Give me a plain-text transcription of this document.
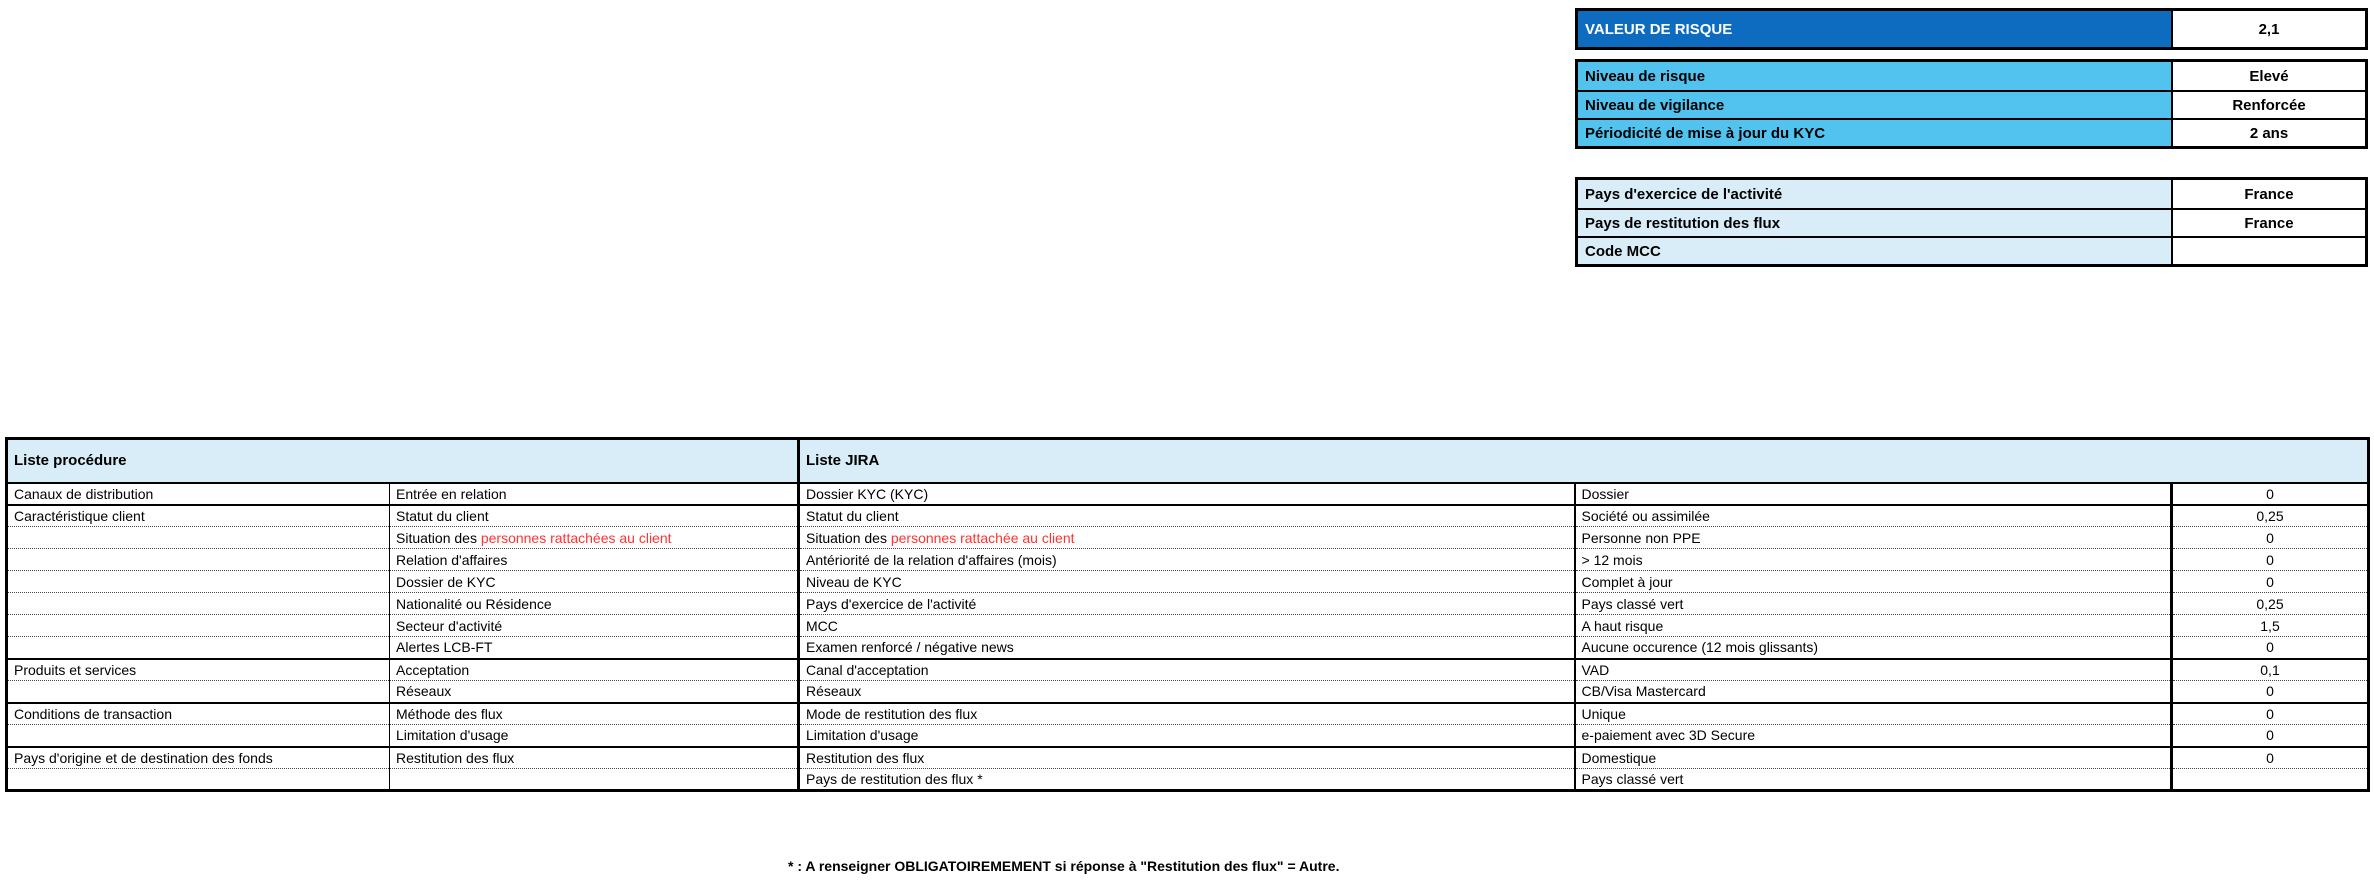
VALEUR DE RISQUE	2,1
Niveau de risque	Elevé
Niveau de vigilance	Renforcée
Périodicité de mise à jour du KYC	2 ans
Pays d'exercice de l'activité	France
Pays de restitution des flux	France
Code MCC
Liste procédure		Liste JIRA		
Canaux de distribution	Entrée en relation	Dossier KYC (KYC)	Dossier	0
Caractéristique client	Statut du client	Statut du client	Société ou assimilée	0,25
	Situation des personnes rattachées au client	Situation des personnes rattachée au client	Personne non PPE	0
	Relation d'affaires	Antériorité de la relation d'affaires (mois)	> 12 mois	0
	Dossier de KYC	Niveau de KYC	Complet à jour	0
	Nationalité ou Résidence	Pays d'exercice de l'activité	Pays classé vert	0,25
	Secteur d'activité	MCC	A haut risque	1,5
	Alertes LCB-FT	Examen renforcé / négative news	Aucune occurence (12 mois glissants)	0
Produits et services	Acceptation	Canal d'acceptation	VAD	0,1
	Réseaux	Réseaux	CB/Visa Mastercard	0
Conditions de transaction	Méthode des flux	Mode de restitution des flux	Unique	0
	Limitation d'usage	Limitation d'usage	e-paiement avec 3D Secure	0
Pays d'origine et de destination des fonds	Restitution des flux	Restitution des flux	Domestique	0
		Pays de restitution des flux *	Pays classé vert	
* : A renseigner OBLIGATOIREMEMENT si réponse à "Restitution des flux" = Autre.
